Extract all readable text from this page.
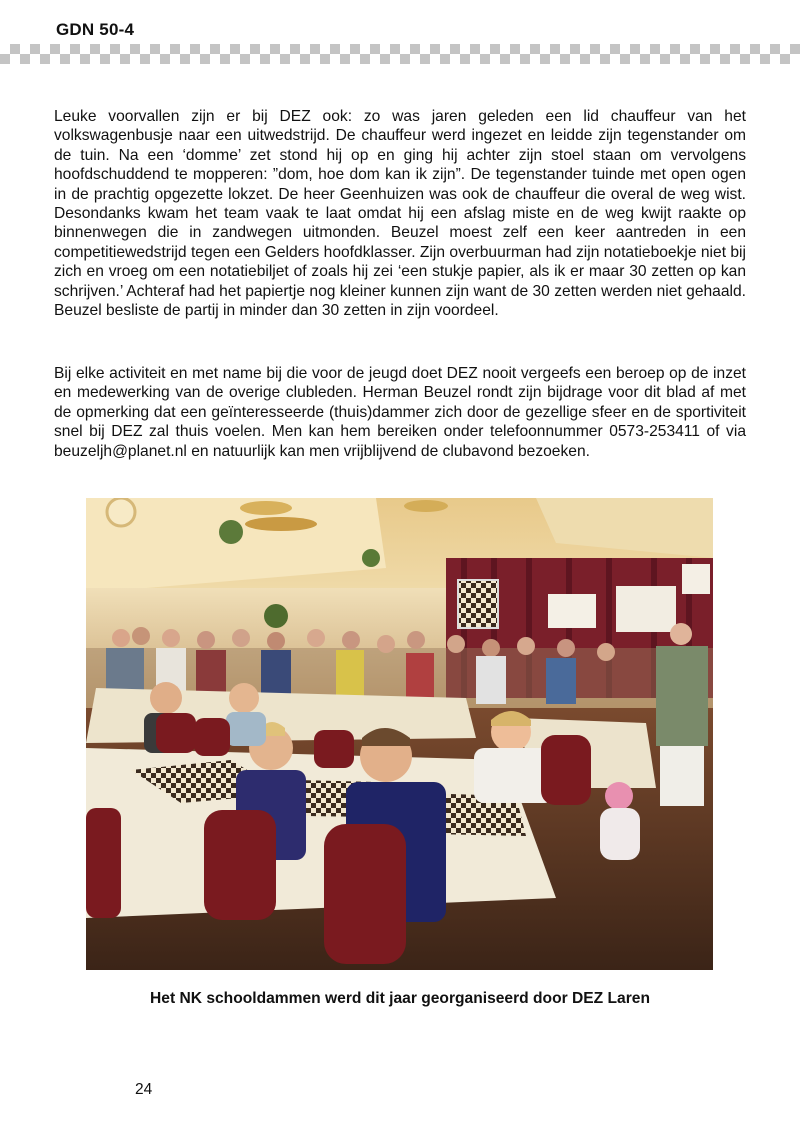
GDN 50-4

Leuke voorvallen zijn er bij DEZ ook: zo was jaren geleden een lid chauffeur van het volkswagenbusje naar een uitwedstrijd. De chauffeur werd ingezet en leidde zijn tegenstander om de tuin. Na een ‘domme’ zet stond hij op en ging hij achter zijn stoel staan om vervolgens hoofdschuddend te mopperen: ”dom, hoe dom kan ik zijn”. De tegenstander tuinde met open ogen in de prachtig opgezette lokzet. De heer Geenhuizen was ook de chauffeur die overal de weg wist. Desondanks kwam het team vaak te laat omdat hij een afslag miste en de weg kwijt raakte op binnenwegen die in zandwegen uitmonden. Beuzel moest zelf een keer aantreden in een competitiewedstrijd tegen een Gelders hoofdklasser. Zijn overbuurman had zijn notatieboekje niet bij zich en vroeg om een notatiebiljet of zoals hij zei ‘een stukje papier, als ik er maar 30 zetten op kan schrijven.’ Achteraf had het papiertje nog kleiner kunnen zijn want de 30 zetten werden niet gehaald. Beuzel besliste de partij in minder dan 30 zetten in zijn voordeel.

Bij elke activiteit en met name bij die voor de jeugd doet DEZ nooit vergeefs een beroep op de inzet en medewerking van de overige clubleden. Herman Beuzel rondt zijn bijdrage voor dit blad af met de opmerking dat een geïnteresseerde (thuis)dammer zich door de gezellige sfeer en de sportiviteit snel bij DEZ zal thuis voelen. Men kan hem bereiken onder telefoonnummer 0573-253411 of via beuzeljh@planet.nl en natuurlijk kan men vrijblijvend de clubavond bezoeken.

Het NK schooldammen werd dit jaar georganiseerd door DEZ Laren
24
